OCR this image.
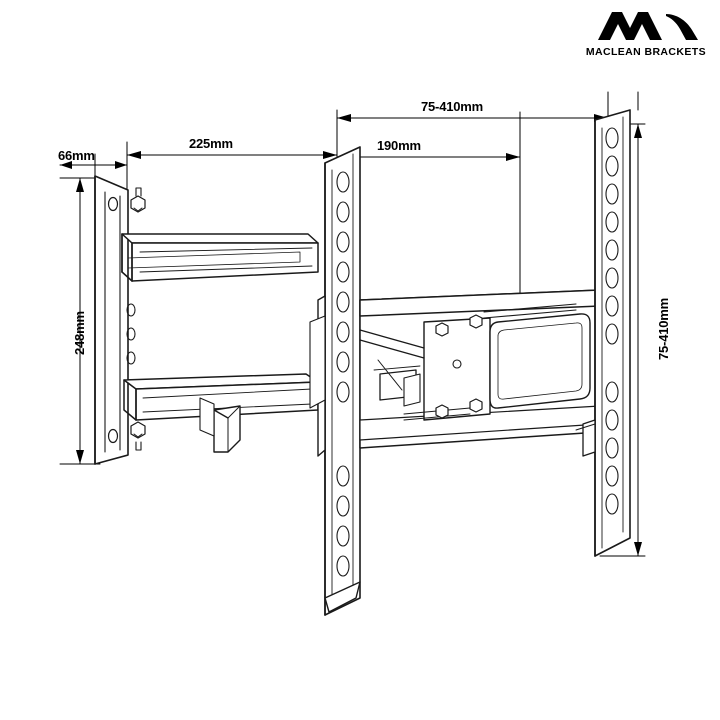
MACLEAN BRACKETS
66mm
225mm	190mm
75-410mm
248mm	75-410mm
